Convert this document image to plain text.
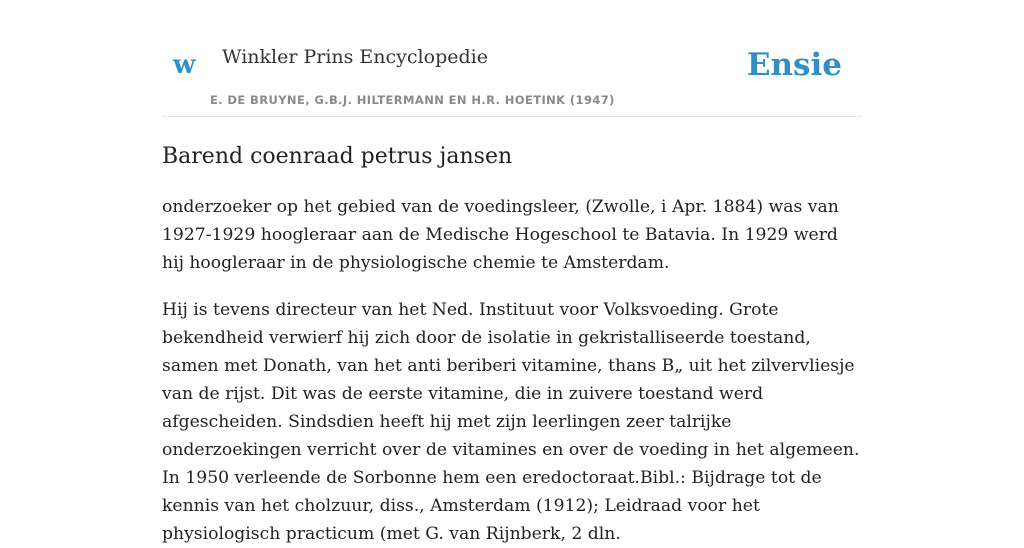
w Winkler Prins Encyclopedie
E. DE BRUYNE, G.B.J. HILTERMANN EN H.R. HOETINK (1947)
Ensie
Barend coenraad petrus jansen

onderzoeker op het gebied van de voedingsleer, (Zwolle, i Apr. 1884) was van 1927-1929 hoogleraar aan de Medische Hogeschool te Batavia. In 1929 werd hij hoogleraar in de physiologische chemie te Amsterdam.

Hij is tevens directeur van het Ned. Instituut voor Volksvoeding. Grote bekendheid verwierf hij zich door de isolatie in gekristalliseerde toestand, samen met Donath, van het anti beriberi vitamine, thans B„ uit het zilvervliesje van de rijst. Dit was de eerste vitamine, die in zuivere toestand werd afgescheiden. Sindsdien heeft hij met zijn leerlingen zeer talrijke onderzoekingen verricht over de vitamines en over de voeding in het algemeen. In 1950 verleende de Sorbonne hem een eredoctoraat.Bibl.: Bijdrage tot de kennis van het cholzuur, diss., Amsterdam (1912); Leidraad voor het physiologisch practicum (met G. van Rijnberk, 2 dln.
